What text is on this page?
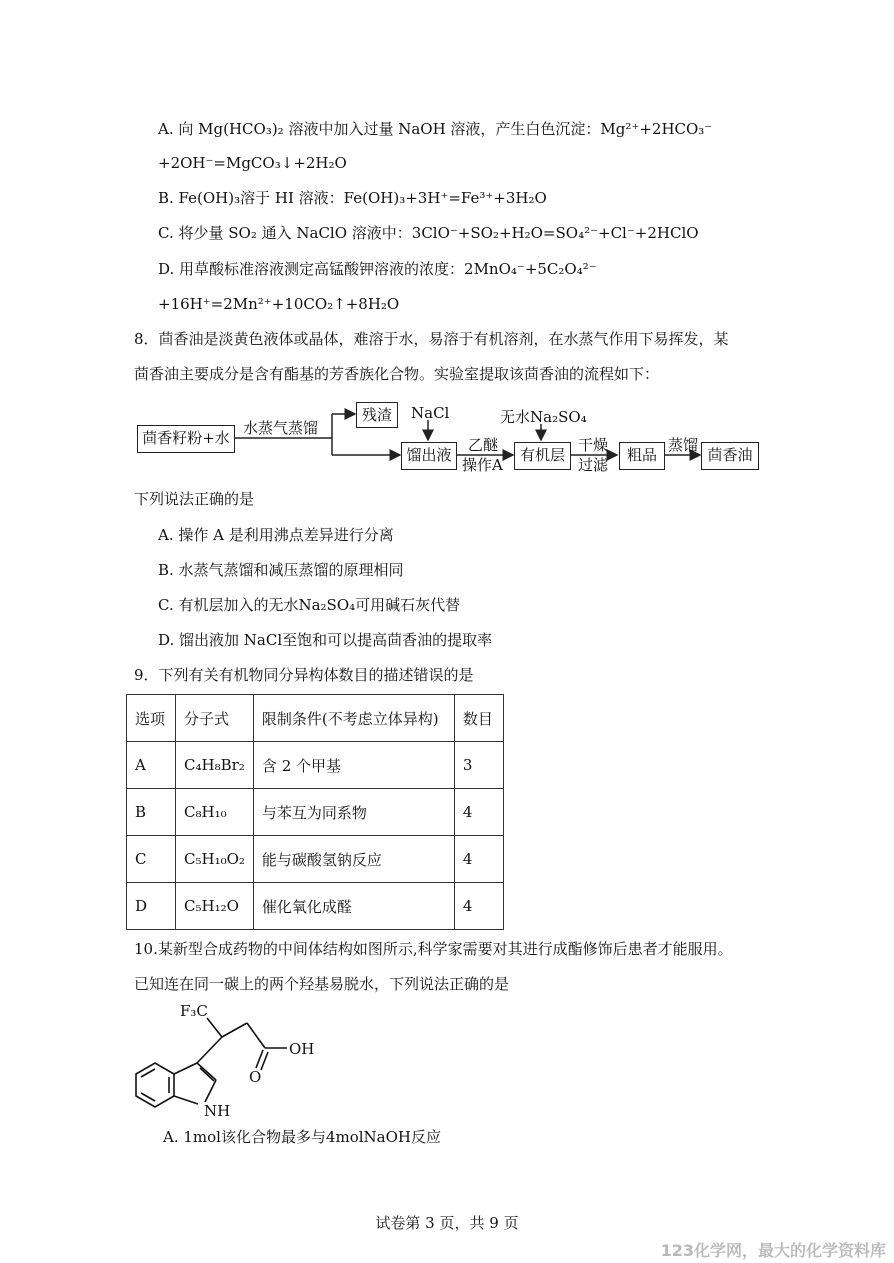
A. 向 Mg(HCO₃)₂ 溶液中加入过量 NaOH 溶液，产生白色沉淀：Mg²⁺+2HCO₃⁻
+2OH⁻=MgCO₃↓+2H₂O
B. Fe(OH)₃溶于 HI 溶液：Fe(OH)₃+3H⁺=Fe³⁺+3H₂O
C. 将少量 SO₂ 通入 NaClO 溶液中：3ClO⁻+SO₂+H₂O=SO₄²⁻+Cl⁻+2HClO
D. 用草酸标准溶液测定高锰酸钾溶液的浓度：2MnO₄⁻+5C₂O₄²⁻
+16H⁺=2Mn²⁺+10CO₂↑+8H₂O
8．茴香油是淡黄色液体或晶体，难溶于水，易溶于有机溶剂，在水蒸气作用下易挥发，某
茴香油主要成分是含有酯基的芳香族化合物。实验室提取该茴香油的流程如下：
茴香籽粉+水
水蒸气蒸馏
残渣	NaCl
馏出液
乙醚
操作A
无水Na₂SO₄
有机层
干燥
过滤
粗品
蒸馏
茴香油
下列说法正确的是
A. 操作 A 是利用沸点差异进行分离
B. 水蒸气蒸馏和减压蒸馏的原理相同
C. 有机层加入的无水Na₂SO₄可用碱石灰代替
D. 馏出液加 NaCl至饱和可以提高茴香油的提取率
9．下列有关有机物同分异构体数目的描述错误的是
选项	分子式	限制条件(不考虑立体异构)	数目
A	C₄H₈Br₂	含 2 个甲基	3
B	C₈H₁₀	与苯互为同系物	4
C	C₅H₁₀O₂	能与碳酸氢钠反应	4
D	C₅H₁₂O	催化氧化成醛	4
10.某新型合成药物的中间体结构如图所示,科学家需要对其进行成酯修饰后患者才能服用。
已知连在同一碳上的两个羟基易脱水，下列说法正确的是
F₃C
OH
O
NH
A. 1mol该化合物最多与4molNaOH反应
试卷第 3 页，共 9 页
123化学网，最大的化学资料库
